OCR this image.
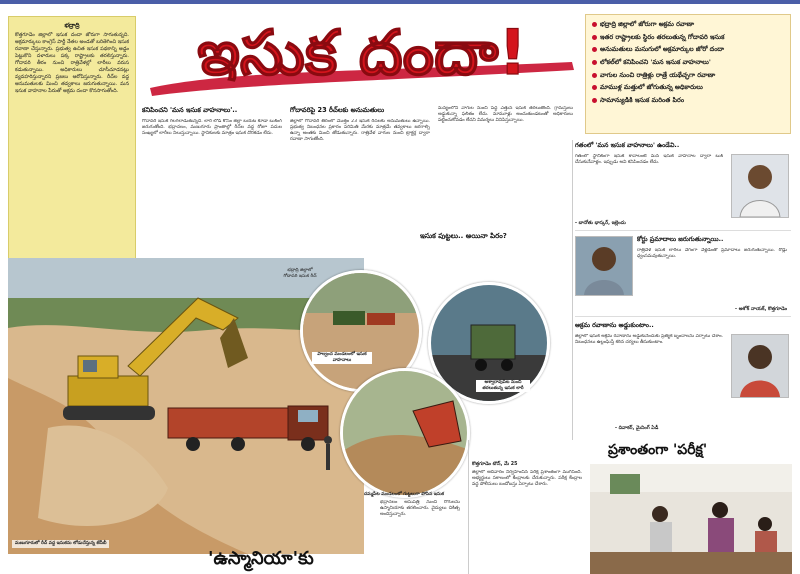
భద్రాద్రి
కొత్తగూడెం జిల్లాలో ఇసుక దందా జోరుగా సాగుతున్నది. అక్రమార్కులు కాంగ్రెస్ పార్టీ నేతల అండతో బరితెగించి ఇసుక రవాణా చేస్తున్నారు. ప్రభుత్వ ఉచిత ఇసుక పథకాన్ని అడ్డం పెట్టుకొని దళారులు పక్క రాష్ట్రాలకు తరలిస్తున్నారు. గోదావరి తీరం నుంచి రాత్రివేళల్లో లారీలు వరుస కడుతున్నాయి. అధికారులు చూసీచూడనట్లు వ్యవహరిస్తున్నారని ప్రజలు ఆరోపిస్తున్నారు. రీచ్‌ల వద్ద అనుమతులకు మించి తవ్వకాలు జరుగుతున్నాయి. మన ఇసుక వాహనాల పేరుతో అక్రమ దందా కొనసాగుతోంది.
ఇసుక దందా!	భద్రాద్రి జిల్లాలో జోరుగా అక్రమ రవాణా
ఇతర రాష్ట్రాలకు స్థిరం తరలుతున్న గోదావరి ఇసుక
అనుమతులు మసుగులో అక్రమార్కుల జోరో దందా
లోకల్‌లో కనిపించని 'మన ఇసుక వాహనాలు'
వాగుల నుంచి రాత్రిళ్లు రాత్రే యథేచ్ఛగా రవాణా
మాముళ్ల మత్తులో జోగుతున్న అధికారులు
సామాన్యుడికి ఇసుక మరింత పిరం
కనిపించని 'మన ఇసుక వాహనాలు'..
గోదావరి ఇసుక గలగలాడుతున్నది. లారీ లోడ్ కోసం జిల్లా బయట కూడా బుకింగ్ జరుగుతోంది. భద్రాచలం, మణుగూరు ప్రాంతాల్లో రీచ్‌ల వద్ద రోజూ పదుల సంఖ్యలో లారీలు నిలుస్తున్నాయి. స్థానికులకు మాత్రం ఇసుక దొరకడం లేదు.
గోదావరిపై 23 రీచ్‌లకు అనుమతులు
జిల్లాలో గోదావరి తీరంలో మొత్తం 23 ఇసుక రీచ్‌లకు అనుమతులు ఉన్నాయి. ప్రభుత్వ నిబంధనల ప్రకారం పరిమితి మేరకు మాత్రమే తవ్వకాలు జరగాల్సి ఉన్నా అంతకు మించి తోడుతున్నారు. రాత్రివేళ వాగుల నుంచి ట్రాక్టర్ల ద్వారా రవాణా సాగుతోంది.
మన్యంలోని వాగుల నుంచి పెద్ద ఎత్తున ఇసుక తరలుతోంది. గ్రామస్తులు అడ్డుకున్నా ఫలితం లేదు. మామూళ్లు అందుతుండటంతో అధికారులు పట్టించుకోవడం లేదని విమర్శలు వినిపిస్తున్నాయి.
ఇసుక పుట్టలు.. అయినా పిరం?
మణుగూరులో రీచ్ వద్ద ఇసుకను లోడుచేస్తున్న జేసీబీ
పాల్వంచ మండలంలో ఇసుక వాహనాలు
అశ్వారావుపేట నుంచి తరలుతున్న ఇసుక లారీ
దమ్మపేట మండలంలో గుట్టలుగా పోసిన ఇసుక
భద్రాద్రి జిల్లాలో గోదావరి ఇసుక రీచ్
గతంలో 'మన ఇసుక వాహనాలు' ఉండేవి..
గతంలో స్థానికంగా ఇసుక కావాలంటే మన ఇసుక వాహనాల ద్వారా బుక్ చేసుకునేవాళ్లం. ఇప్పుడు అవి కనిపించడం లేదు.
- బానోతు భాస్కర్, ఇల్లెందు
కోర్టు ప్రమాదాలు జరుగుతున్నాయి..
రాత్రివేళ ఇసుక లారీలు వేగంగా వెళ్లడంతో ప్రమాదాలు జరుగుతున్నాయి. రోడ్లు ధ్వంసమవుతున్నాయి.
- అశోక్ నాయక్, కొత్తగూడెం
అక్రమ రవాణాను అడ్డుకుంటాం..
జిల్లాలో ఇసుక అక్రమ రవాణాను అడ్డుకునేందుకు ప్రత్యేక బృందాలను ఏర్పాటు చేశాం. నిబంధనలు ఉల్లంఘిస్తే కఠిన చర్యలు తీసుకుంటాం.
- దివాకర్, మైనింగ్ ఏడీ
'ఉస్మానియా'కు
భద్రాచలం ఆసుపత్రి నుంచి రోగులను ఉస్మానియాకు తరలించారు. వైద్యులు చికిత్స అందిస్తున్నారు.
ప్రశాంతంగా 'పరీక్ష'
కొత్తగూడెం టౌన్, మే 25
జిల్లాలో ఆదివారం నిర్వహించిన పరీక్ష ప్రశాంతంగా ముగిసింది. అభ్యర్థులు సకాలంలో కేంద్రాలకు చేరుకున్నారు. పరీక్ష కేంద్రాల వద్ద పోలీసులు బందోబస్తు ఏర్పాటు చేశారు.
